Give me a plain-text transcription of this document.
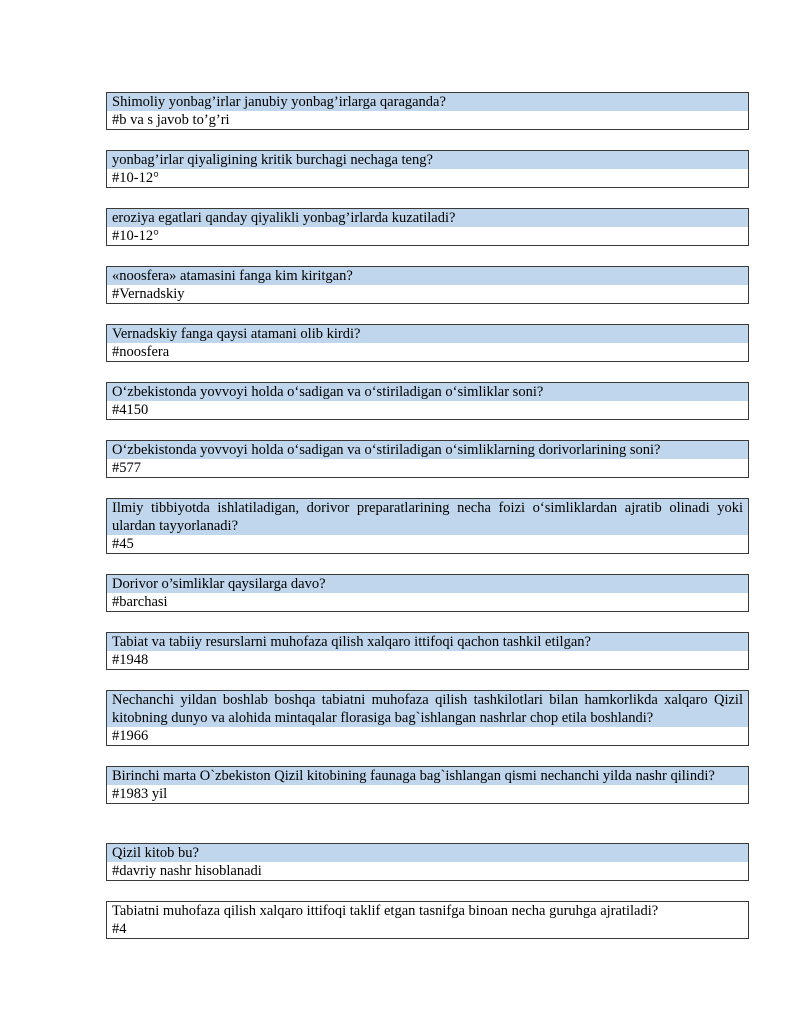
Shimoliy yonbag’irlar janubiy yonbag’irlarga qaraganda?
#b va s javob to’g’ri
yonbag’irlar qiyaligining kritik burchagi nechaga teng?
#10-12°
eroziya egatlari qanday qiyalikli yonbag’irlarda kuzatiladi?
#10-12°
«noosfera» atamasini fanga kim kiritgan?
#Vernadskiy
Vernadskiy fanga qaysi atamani olib kirdi?
#noosfera
O‘zbekistonda yovvoyi holda o‘sadigan va o‘stiriladigan o‘simliklar soni?
#4150
O‘zbekistonda yovvoyi holda o‘sadigan va o‘stiriladigan o‘simliklarning dorivorlarining soni?
#577
Ilmiy tibbiyotda ishlatiladigan, dorivor preparatlarining necha foizi o‘simliklardan ajratib olinadi yoki ulardan tayyorlanadi?
#45
Dorivor o’simliklar qaysilarga davo?
#barchasi
Tabiat va tabiiy resurslarni muhofaza qilish xalqaro ittifoqi qachon tashkil etilgan?
#1948
Nechanchi yildan boshlab boshqa tabiatni muhofaza qilish tashkilotlari bilan hamkorlikda xalqaro Qizil kitobning dunyo va alohida mintaqalar florasiga bag`ishlangan nashrlar chop etila boshlandi?
#1966
Birinchi marta O`zbekiston Qizil kitobining faunaga bag`ishlangan qismi nechanchi yilda nashr qilindi?
#1983 yil
Qizil kitob bu?
#davriy nashr hisoblanadi
Tabiatni muhofaza qilish xalqaro ittifoqi taklif etgan tasnifga binoan necha guruhga ajratiladi?
#4
